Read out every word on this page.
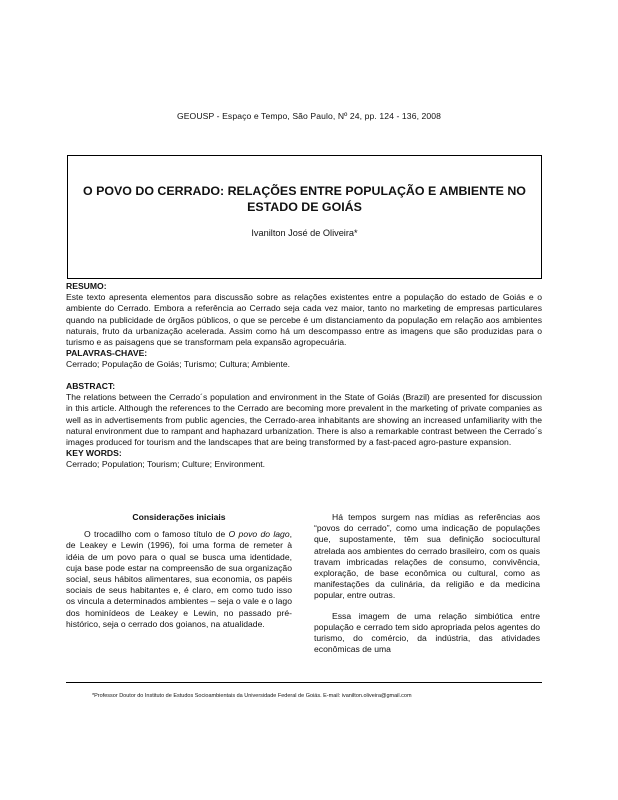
GEOUSP - Espaço e Tempo, São Paulo, Nº 24, pp. 124 - 136, 2008
O POVO DO CERRADO: RELAÇÕES ENTRE POPULAÇÃO E AMBIENTE NO ESTADO DE GOIÁS
Ivanilton José de Oliveira*
RESUMO:
Este texto apresenta elementos para discussão sobre as relações existentes entre a população do estado de Goiás e o ambiente do Cerrado. Embora a referência ao Cerrado seja cada vez maior, tanto no marketing de empresas particulares quando na publicidade de órgãos públicos, o que se percebe é um distanciamento da população em relação aos ambientes naturais, fruto da urbanização acelerada. Assim como há um descompasso entre as imagens que são produzidas para o turismo e as paisagens que se transformam pela expansão agropecuária.
PALAVRAS-CHAVE:
Cerrado; População de Goiás; Turismo; Cultura; Ambiente.
ABSTRACT:
The relations between the Cerrado´s population and environment in the State of Goiás (Brazil) are presented for discussion in this article. Although the references to the Cerrado are becoming more prevalent in the marketing of private companies as well as in advertisements from public agencies, the Cerrado-area inhabitants are showing an increased unfamiliarity with the natural environment due to rampant and haphazard urbanization. There is also a remarkable contrast between the Cerrado´s images produced for tourism and the landscapes that are being transformed by a fast-paced agro-pasture expansion.
KEY WORDS:
Cerrado; Population; Tourism; Culture; Environment.
Considerações iniciais

O trocadilho com o famoso título de O povo do lago, de Leakey e Lewin (1996), foi uma forma de remeter à idéia de um povo para o qual se busca uma identidade, cuja base pode estar na compreensão de sua organização social, seus hábitos alimentares, sua economia, os papéis sociais de seus habitantes e, é claro, em como tudo isso os vincula a determinados ambientes – seja o vale e o lago dos hominídeos de Leakey e Lewin, no passado pré-histórico, seja o cerrado dos goianos, na atualidade.

Há tempos surgem nas mídias as referências aos “povos do cerrado”, como uma indicação de populações que, supostamente, têm sua definição sociocultural atrelada aos ambientes do cerrado brasileiro, com os quais travam imbricadas relações de consumo, convivência, exploração, de base econômica ou cultural, como as manifestações da culinária, da religião e da medicina popular, entre outras.

Essa imagem de uma relação simbiótica entre população e cerrado tem sido apropriada pelos agentes do turismo, do comércio, da indústria, das atividades econômicas de uma

*Professor Doutor do Instituto de Estudos Socioambientais da Universidade Federal de Goiás. E-mail: ivanilton.oliveira@gmail.com
